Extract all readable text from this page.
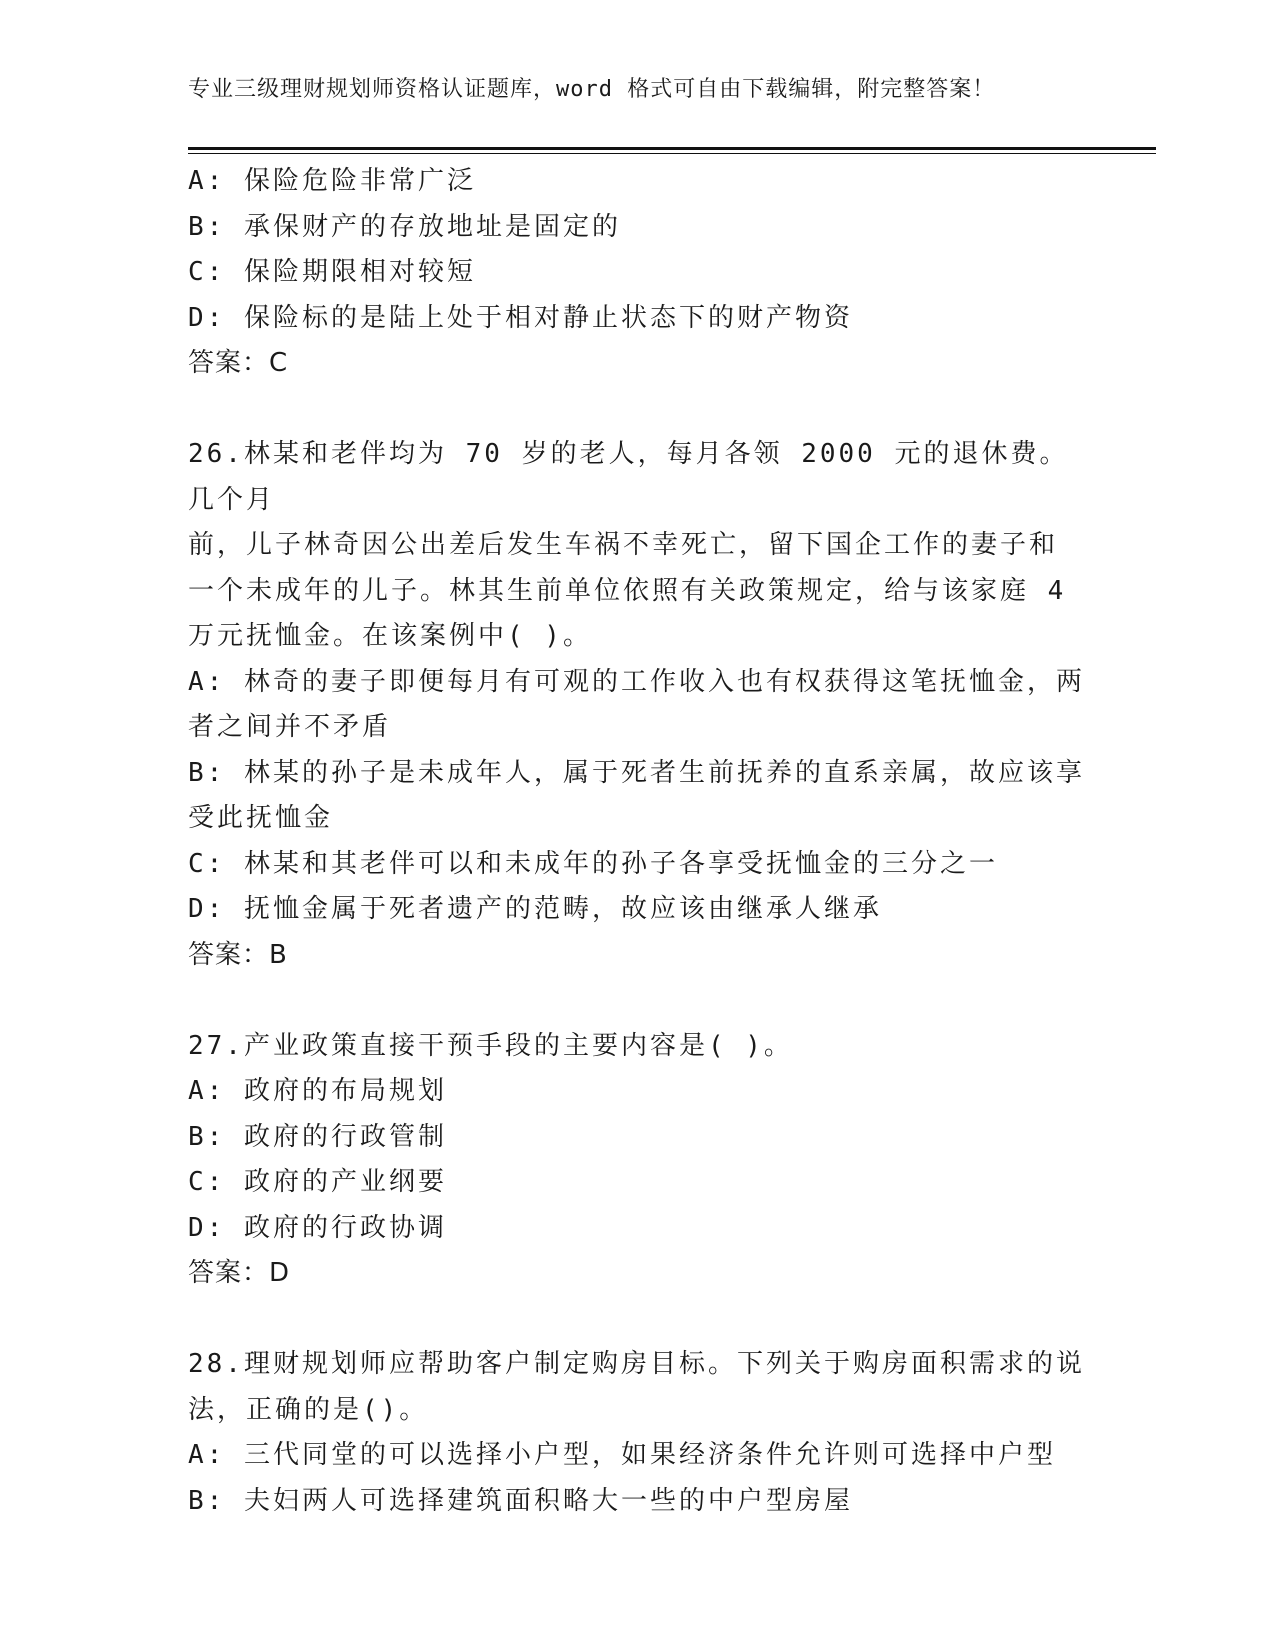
专业三级理财规划师资格认证题库，word 格式可自由下载编辑，附完整答案！
A: 保险危险非常广泛
B: 承保财产的存放地址是固定的
C: 保险期限相对较短
D: 保险标的是陆上处于相对静止状态下的财产物资
答案：C
26.林某和老伴均为 70 岁的老人，每月各领 2000 元的退休费。几个月
前，儿子林奇因公出差后发生车祸不幸死亡，留下国企工作的妻子和
一个未成年的儿子。林其生前单位依照有关政策规定，给与该家庭 4
万元抚恤金。在该案例中( )。
A: 林奇的妻子即便每月有可观的工作收入也有权获得这笔抚恤金，两
者之间并不矛盾
B: 林某的孙子是未成年人，属于死者生前抚养的直系亲属，故应该享
受此抚恤金
C: 林某和其老伴可以和未成年的孙子各享受抚恤金的三分之一
D: 抚恤金属于死者遗产的范畴，故应该由继承人继承
答案：B
27.产业政策直接干预手段的主要内容是( )。
A: 政府的布局规划
B: 政府的行政管制
C: 政府的产业纲要
D: 政府的行政协调
答案：D
28.理财规划师应帮助客户制定购房目标。下列关于购房面积需求的说
法，正确的是()。
A: 三代同堂的可以选择小户型，如果经济条件允许则可选择中户型
B: 夫妇两人可选择建筑面积略大一些的中户型房屋
